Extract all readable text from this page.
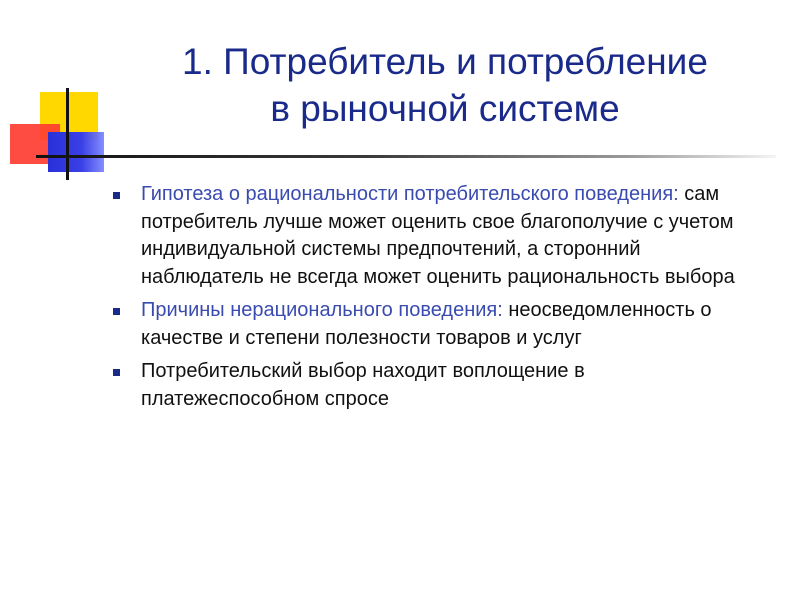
1. Потребитель и потребление
в рыночной системе
Гипотеза о рациональности потребительского поведения: сам потребитель лучше может оценить свое благополучие с учетом индивидуальной системы предпочтений, а сторонний наблюдатель не всегда может оценить рациональность выбора
Причины нерационального поведения: неосведомленность о качестве и степени полезности товаров и услуг
Потребительский выбор находит воплощение в платежеспособном спросе
